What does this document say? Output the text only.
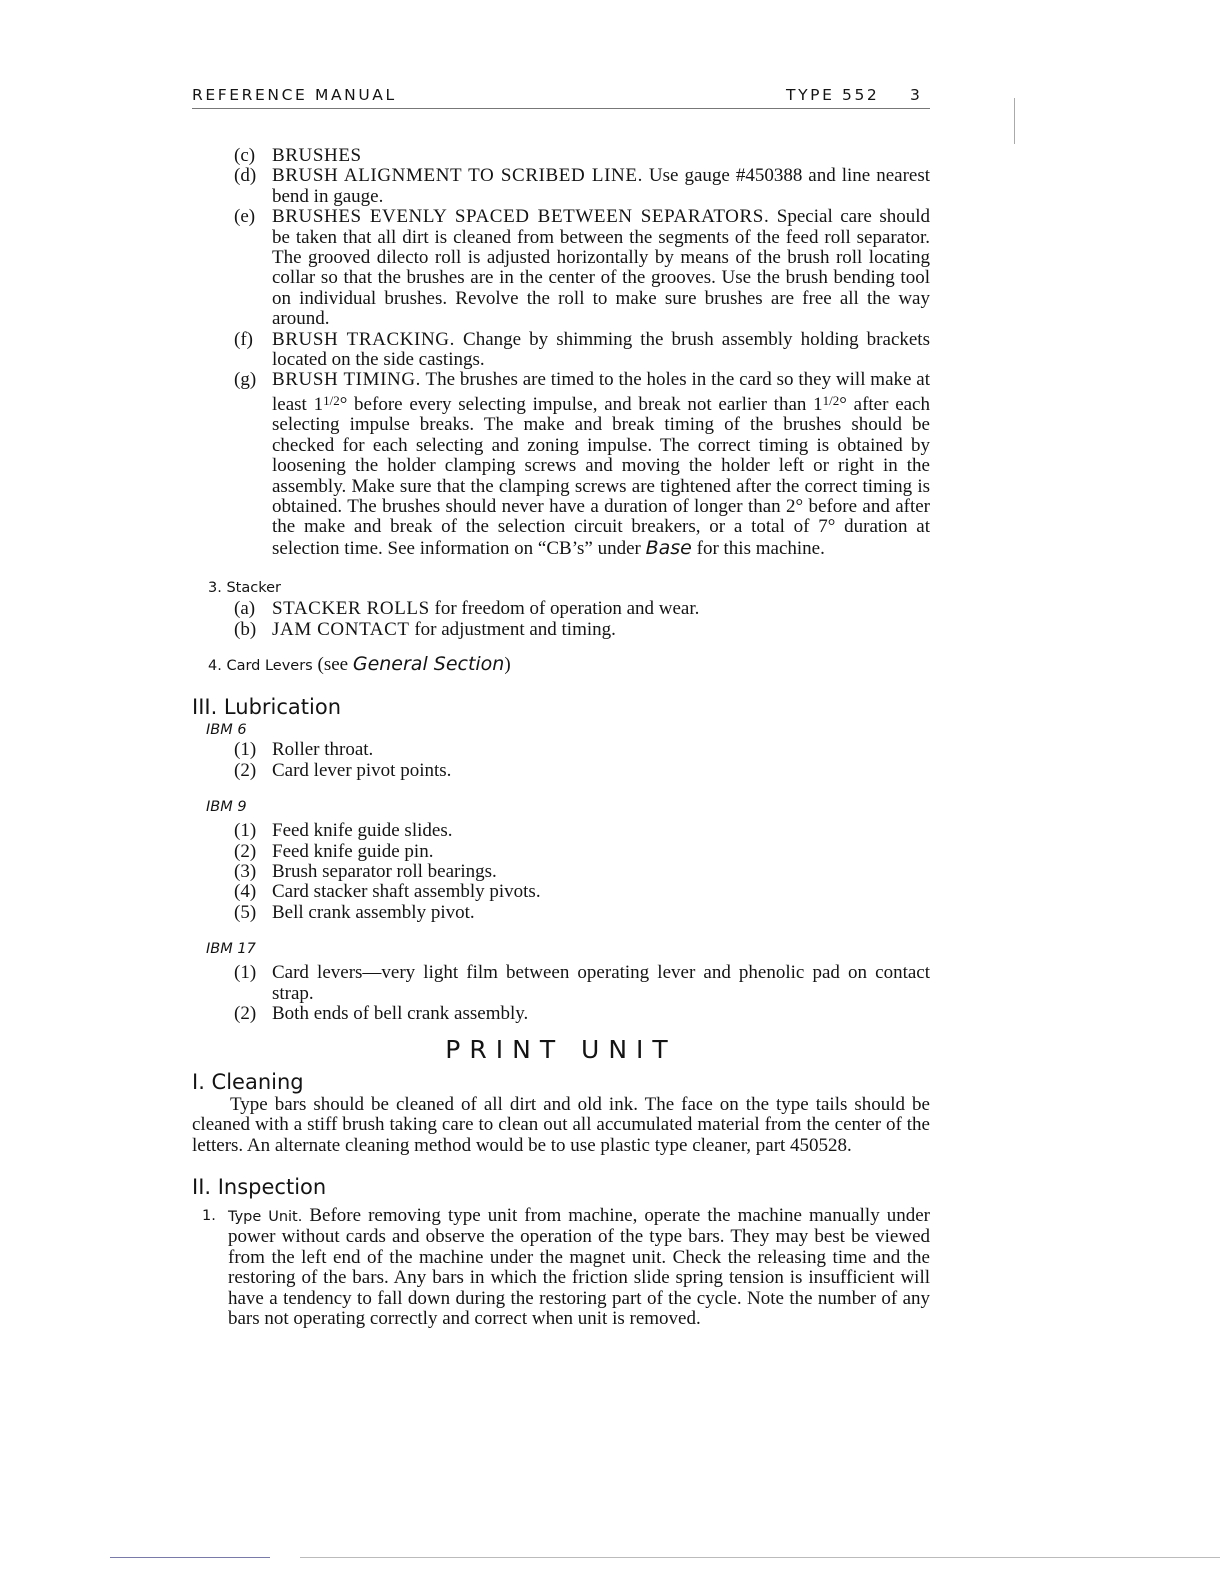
REFERENCE MANUAL	TYPE 552 3
(c) BRUSHES
(d) BRUSH ALIGNMENT TO SCRIBED LINE. Use gauge #450388 and line nearest bend in gauge.
(e) BRUSHES EVENLY SPACED BETWEEN SEPARATORS. Special care should be taken that all dirt is cleaned from between the segments of the feed roll separator. The grooved dilecto roll is adjusted horizontally by means of the brush roll locating collar so that the brushes are in the center of the grooves. Use the brush bending tool on individual brushes. Revolve the roll to make sure brushes are free all the way around.
(f) BRUSH TRACKING. Change by shimming the brush assembly holding brackets located on the side castings.
(g) BRUSH TIMING. The brushes are timed to the holes in the card so they will make at least $1^{1/2}^\circ$ before every selecting impulse, and break not earlier than $1^{1/2}^\circ$ after each selecting impulse breaks. The make and break timing of the brushes should be checked for each selecting and zoning impulse. The correct timing is obtained by loosening the holder clamping screws and moving the holder left or right in the assembly. Make sure that the clamping screws are tightened after the correct timing is obtained. The brushes should never have a duration of longer than 2° before and after the make and break of the selection circuit breakers, or a total of 7° duration at selection time. See information on “CB’s” under Base for this machine.
3. Stacker
(a) STACKER ROLLS for freedom of operation and wear.
(b) JAM CONTACT for adjustment and timing.
4. Card Levers (see General Section)
III. Lubrication
IBM 6
(1) Roller throat.
(2) Card lever pivot points.
IBM 9
(1) Feed knife guide slides.
(2) Feed knife guide pin.
(3) Brush separator roll bearings.
(4) Card stacker shaft assembly pivots.
(5) Bell crank assembly pivot.
IBM 17
(1) Card levers—very light film between operating lever and phenolic pad on contact strap.
(2) Both ends of bell crank assembly.
PRINT UNIT
I. Cleaning
Type bars should be cleaned of all dirt and old ink. The face on the type tails should be cleaned with a stiff brush taking care to clean out all accumulated material from the center of the letters. An alternate cleaning method would be to use plastic type cleaner, part 450528.
II. Inspection
1. Type Unit. Before removing type unit from machine, operate the machine manually under power without cards and observe the operation of the type bars. They may best be viewed from the left end of the machine under the magnet unit. Check the releasing time and the restoring of the bars. Any bars in which the friction slide spring tension is insufficient will have a tendency to fall down during the restoring part of the cycle. Note the number of any bars not operating correctly and correct when unit is removed.
